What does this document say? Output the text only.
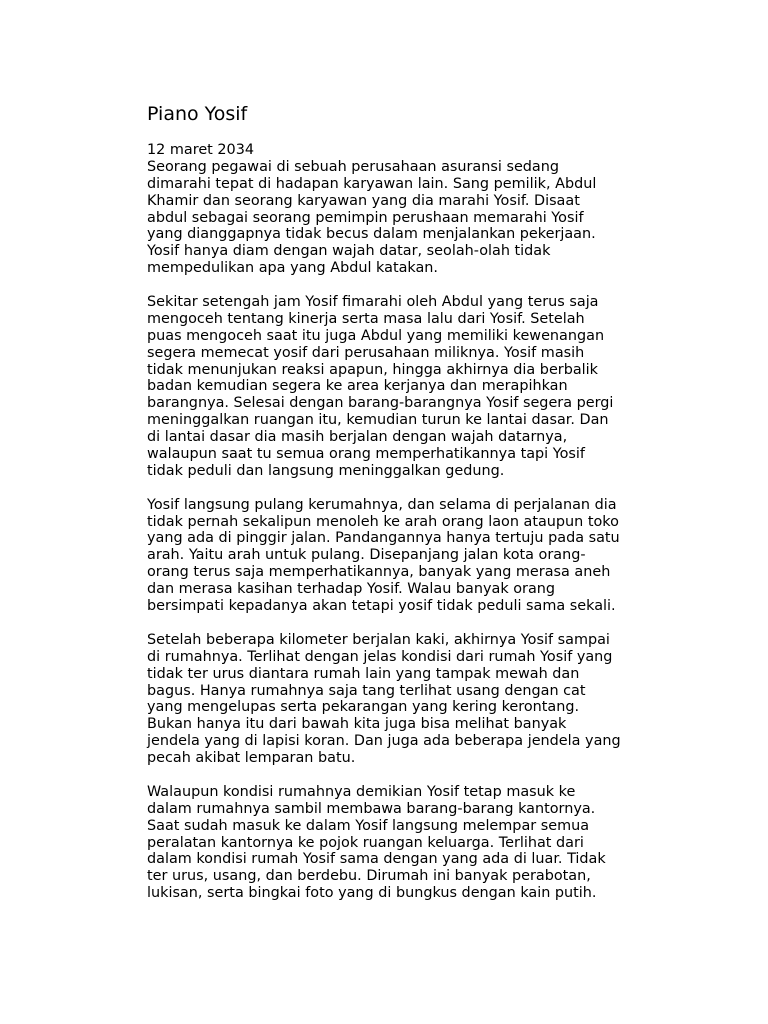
Piano Yosif
12 maret 2034

Seorang pegawai di sebuah perusahaan asuransi sedang
dimarahi tepat di hadapan karyawan lain. Sang pemilik, Abdul
Khamir dan seorang karyawan yang dia marahi Yosif. Disaat
abdul sebagai seorang pemimpin perushaan memarahi Yosif
yang dianggapnya tidak becus dalam menjalankan pekerjaan.
Yosif hanya diam dengan wajah datar, seolah-olah tidak
mempedulikan apa yang Abdul katakan.

Sekitar setengah jam Yosif fimarahi oleh Abdul yang terus saja
mengoceh tentang kinerja serta masa lalu dari Yosif. Setelah
puas mengoceh saat itu juga Abdul yang memiliki kewenangan
segera memecat yosif dari perusahaan miliknya. Yosif masih
tidak menunjukan reaksi apapun, hingga akhirnya dia berbalik
badan kemudian segera ke area kerjanya dan merapihkan
barangnya. Selesai dengan barang-barangnya Yosif segera pergi
meninggalkan ruangan itu, kemudian turun ke lantai dasar. Dan
di lantai dasar dia masih berjalan dengan wajah datarnya,
walaupun saat tu semua orang memperhatikannya tapi Yosif
tidak peduli dan langsung meninggalkan gedung.

Yosif langsung pulang kerumahnya, dan selama di perjalanan dia
tidak pernah sekalipun menoleh ke arah orang laon ataupun toko
yang ada di pinggir jalan. Pandangannya hanya tertuju pada satu
arah. Yaitu arah untuk pulang. Disepanjang jalan kota orang-
orang terus saja memperhatikannya, banyak yang merasa aneh
dan merasa kasihan terhadap Yosif. Walau banyak orang
bersimpati kepadanya akan tetapi yosif tidak peduli sama sekali.

Setelah beberapa kilometer berjalan kaki, akhirnya Yosif sampai
di rumahnya. Terlihat dengan jelas kondisi dari rumah Yosif yang
tidak ter urus diantara rumah lain yang tampak mewah dan
bagus. Hanya rumahnya saja tang terlihat usang dengan cat
yang mengelupas serta pekarangan yang kering kerontang.
Bukan hanya itu dari bawah kita juga bisa melihat banyak
jendela yang di lapisi koran. Dan juga ada beberapa jendela yang
pecah akibat lemparan batu.

Walaupun kondisi rumahnya demikian Yosif tetap masuk ke
dalam rumahnya sambil membawa barang-barang kantornya.
Saat sudah masuk ke dalam Yosif langsung melempar semua
peralatan kantornya ke pojok ruangan keluarga. Terlihat dari
dalam kondisi rumah Yosif sama dengan yang ada di luar. Tidak
ter urus, usang, dan berdebu. Dirumah ini banyak perabotan,
lukisan, serta bingkai foto yang di bungkus dengan kain putih.
